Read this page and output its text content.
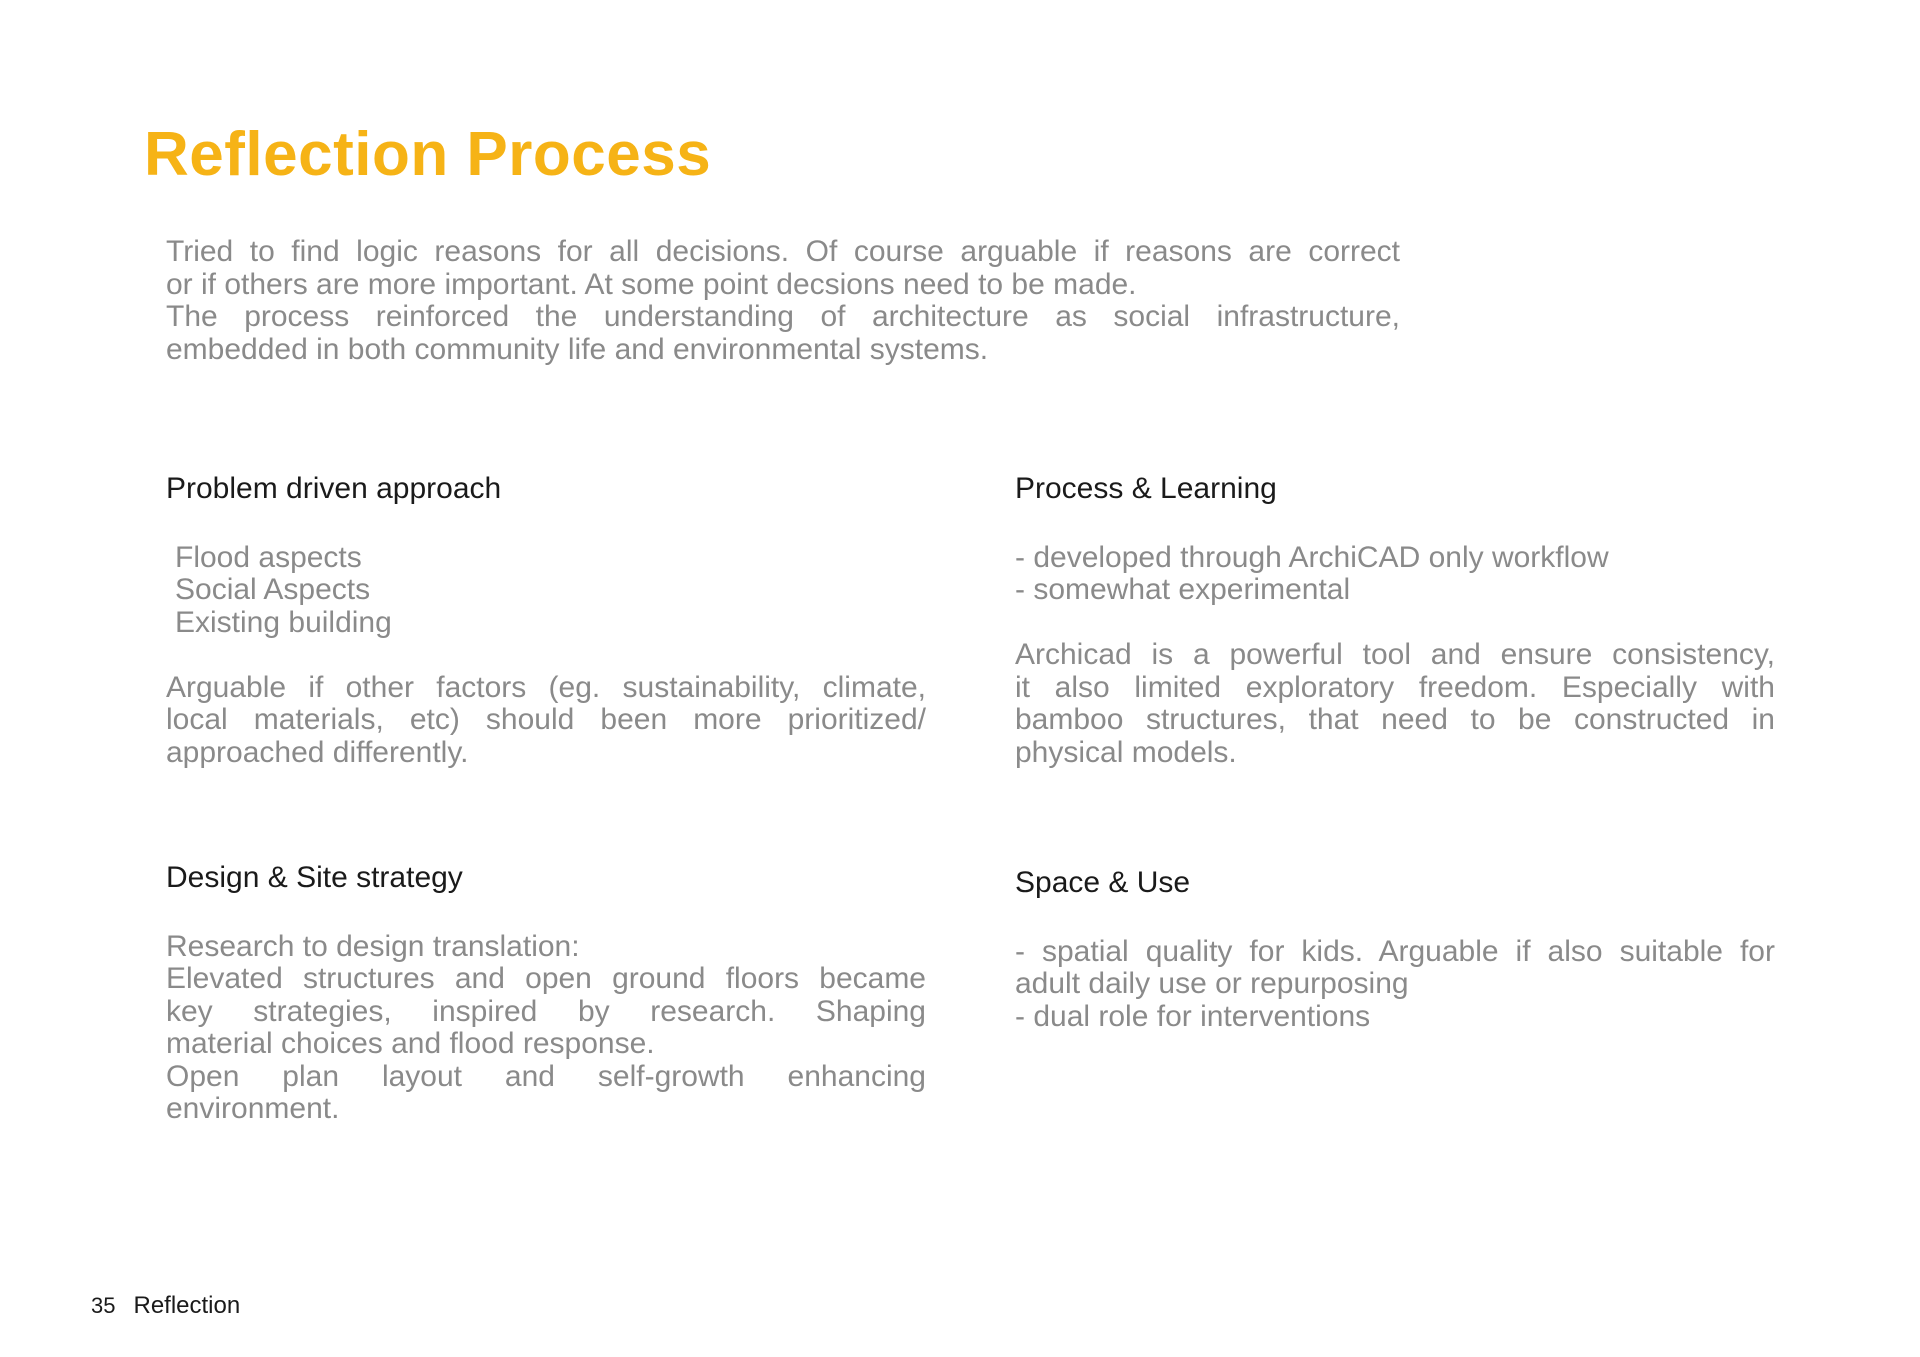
Reflection Process
Tried to find logic reasons for all decisions. Of course arguable if reasons are correct
or if others are more important. At some point decsions need to be made.
The process reinforced the understanding of architecture as social infrastructure,
embedded in both community life and environmental systems.
Problem driven approach
Flood aspects
Social Aspects
Existing building
Arguable if other factors (eg. sustainability, climate,
local materials, etc) should been more prioritized/
approached differently.
Process & Learning
- developed through ArchiCAD only workflow
- somewhat experimental
Archicad is a powerful tool and ensure consistency,
it also limited exploratory freedom. Especially with
bamboo structures, that need to be constructed in
physical models.
Design & Site strategy
Research to design translation:
Elevated structures and open ground floors became
key strategies, inspired by research. Shaping
material choices and flood response.
Open plan layout and self-growth enhancing
environment.
Space & Use
- spatial quality for kids. Arguable if also suitable for
adult daily use or repurposing
- dual role for interventions
35 Reflection
